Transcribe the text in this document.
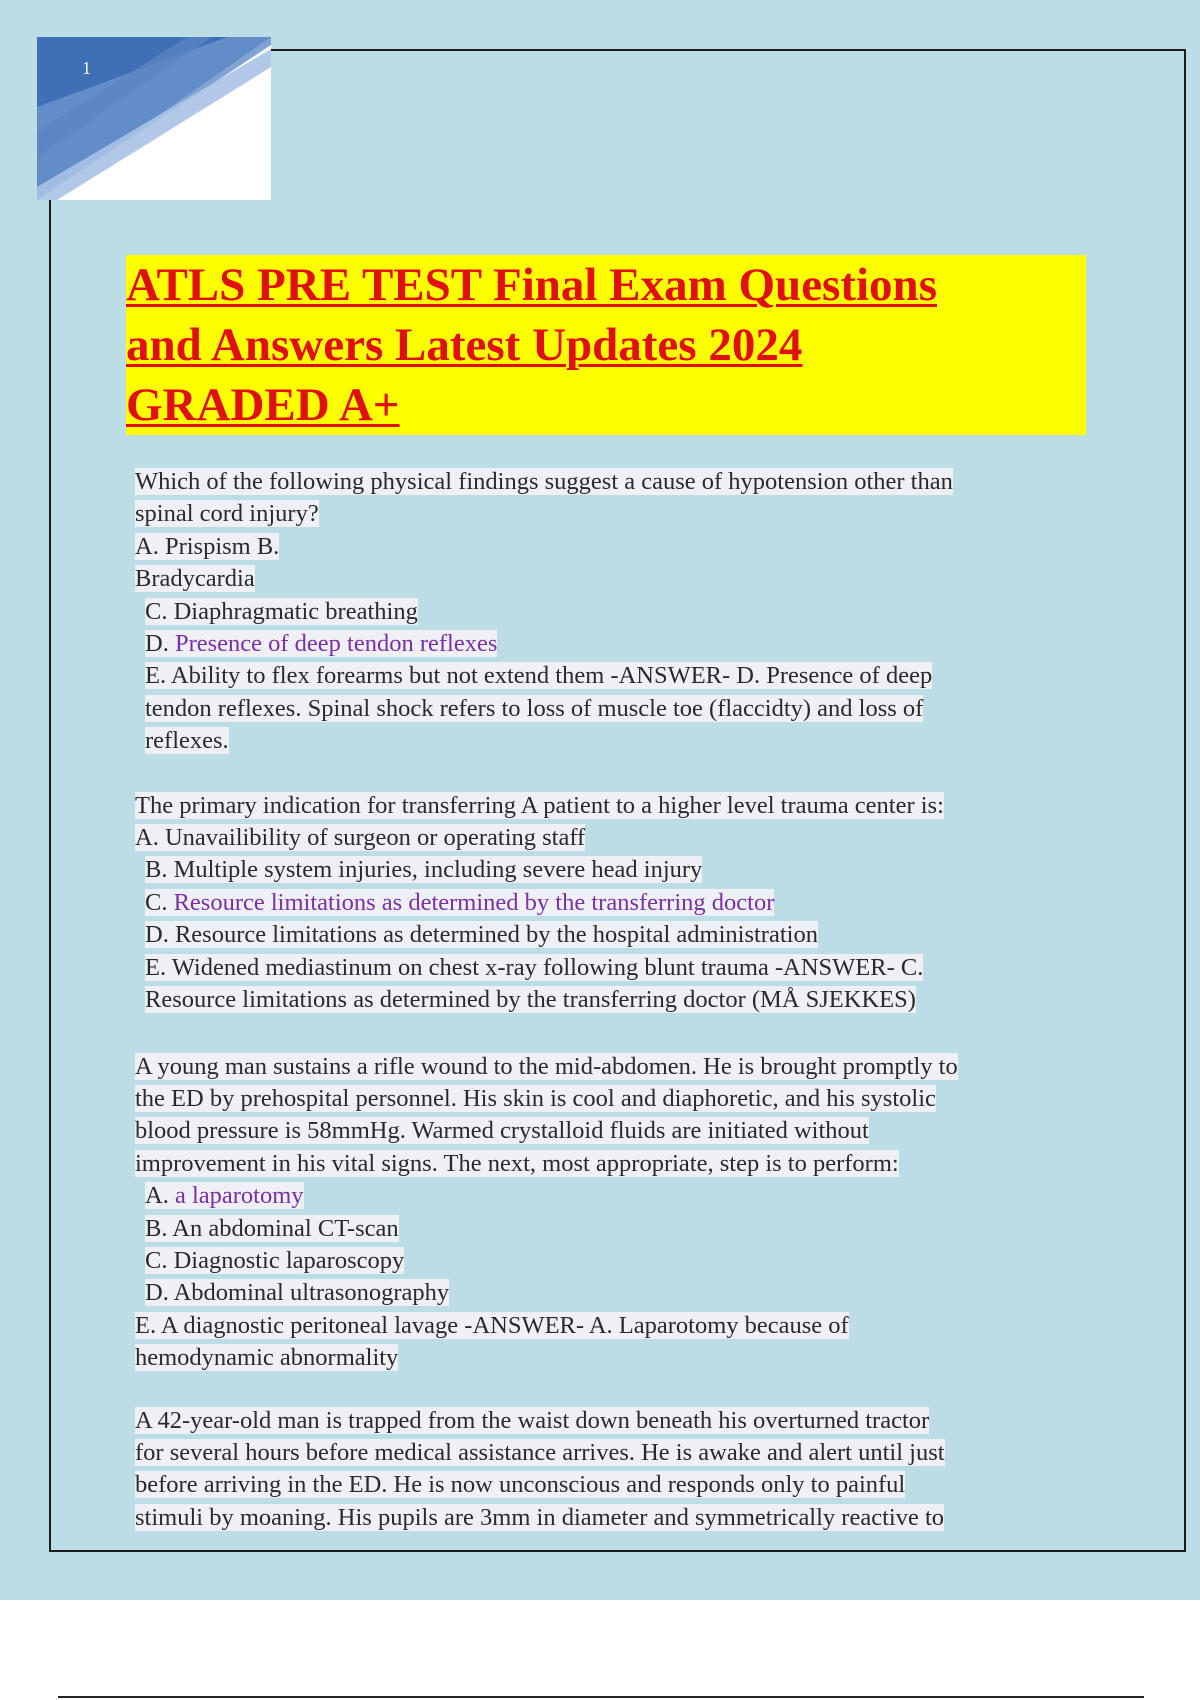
1
ATLS PRE TEST Final Exam Questions
and Answers Latest Updates 2024
GRADED A+
Which of the following physical findings suggest a cause of hypotension other than
spinal cord injury?
A. Prispism B.
Bradycardia
C. Diaphragmatic breathing
D. Presence of deep tendon reflexes
E. Ability to flex forearms but not extend them -ANSWER- D. Presence of deep
tendon reflexes. Spinal shock refers to loss of muscle toe (flaccidty) and loss of
reflexes.
The primary indication for transferring A patient to a higher level trauma center is:
A. Unavailibility of surgeon or operating staff
B. Multiple system injuries, including severe head injury
C. Resource limitations as determined by the transferring doctor
D. Resource limitations as determined by the hospital administration
E. Widened mediastinum on chest x-ray following blunt trauma -ANSWER- C.
Resource limitations as determined by the transferring doctor (MÅ SJEKKES)
A young man sustains a rifle wound to the mid-abdomen. He is brought promptly to
the ED by prehospital personnel. His skin is cool and diaphoretic, and his systolic
blood pressure is 58mmHg. Warmed crystalloid fluids are initiated without
improvement in his vital signs. The next, most appropriate, step is to perform:
A. a laparotomy
B. An abdominal CT-scan
C. Diagnostic laparoscopy
D. Abdominal ultrasonography
E. A diagnostic peritoneal lavage -ANSWER- A. Laparotomy because of
hemodynamic abnormality
A 42-year-old man is trapped from the waist down beneath his overturned tractor
for several hours before medical assistance arrives. He is awake and alert until just
before arriving in the ED. He is now unconscious and responds only to painful
stimuli by moaning. His pupils are 3mm in diameter and symmetrically reactive to
